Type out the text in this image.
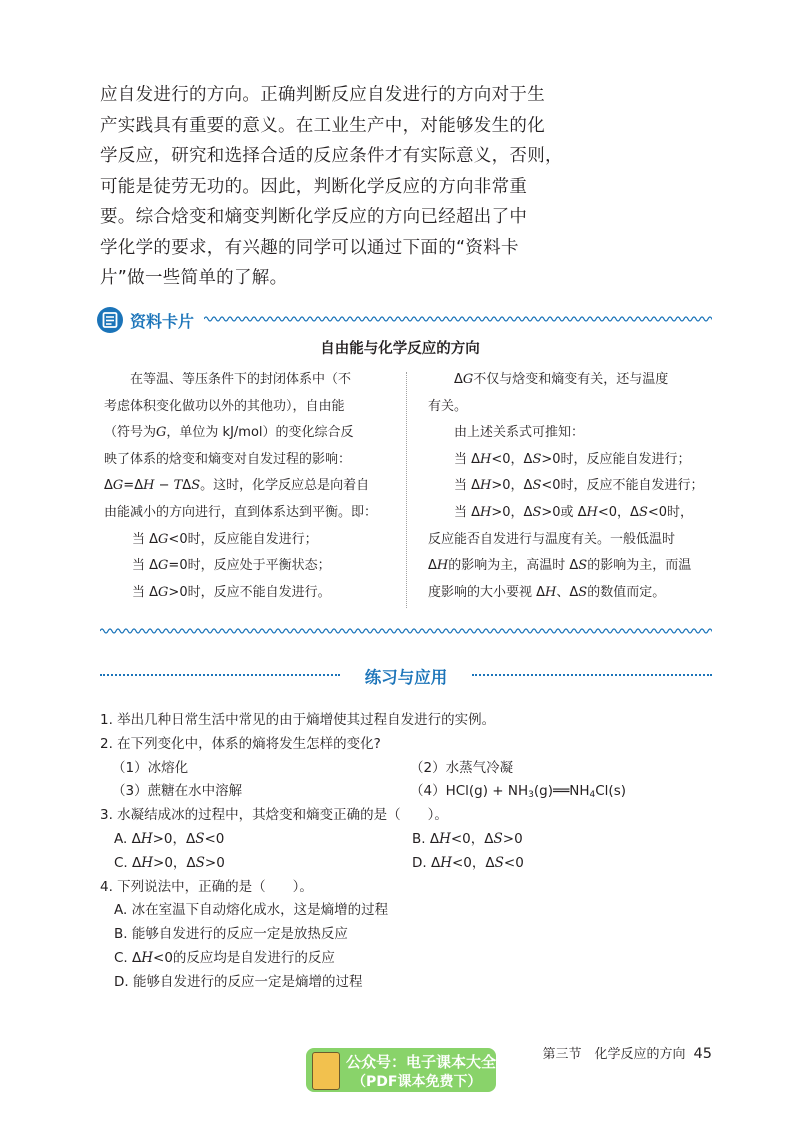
应自发进行的方向。正确判断反应自发进行的方向对于生

产实践具有重要的意义。在工业生产中，对能够发生的化

学反应，研究和选择合适的反应条件才有实际意义，否则，

可能是徒劳无功的。因此，判断化学反应的方向非常重

要。综合焓变和熵变判断化学反应的方向已经超出了中

学化学的要求，有兴趣的同学可以通过下面的“资料卡

片”做一些简单的了解。

资料卡片
自由能与化学反应的方向

在等温、等压条件下的封闭体系中（不

考虑体积变化做功以外的其他功），自由能

（符号为G，单位为 kJ/mol）的变化综合反

映了体系的焓变和熵变对自发过程的影响：

ΔG=ΔH − TΔS。这时，化学反应总是向着自

由能减小的方向进行，直到体系达到平衡。即：

当 ΔG<0时，反应能自发进行；

当 ΔG=0时，反应处于平衡状态；

当 ΔG>0时，反应不能自发进行。

ΔG不仅与焓变和熵变有关，还与温度

有关。

由上述关系式可推知：

当 ΔH<0，ΔS>0时，反应能自发进行；

当 ΔH>0，ΔS<0时，反应不能自发进行；

当 ΔH>0，ΔS>0或 ΔH<0，ΔS<0时，

反应能否自发进行与温度有关。一般低温时

ΔH的影响为主，高温时 ΔS的影响为主，而温

度影响的大小要视 ΔH、ΔS的数值而定。

练习与应用
1. 举出几种日常生活中常见的由于熵增使其过程自发进行的实例。
2. 在下列变化中，体系的熵将发生怎样的变化?
（1）冰熔化	（2）水蒸气冷凝
（3）蔗糖在水中溶解	$(4)HCl(g) + NH_3(g)══NH_4Cl(s)$
3. 水凝结成冰的过程中，其焓变和熵变正确的是（　　）。
A. ΔH>0，ΔS<0	B. ΔH<0，ΔS>0
C. ΔH>0，ΔS>0	D. ΔH<0，ΔS<0
4. 下列说法中，正确的是（　　）。
A. 冰在室温下自动熔化成水，这是熵增的过程
B. 能够自发进行的反应一定是放热反应
C. ΔH<0的反应均是自发进行的反应
D. 能够自发进行的反应一定是熵增的过程
第三节　化学反应的方向 45
公众号：电子课本大全
（PDF课本免费下）
